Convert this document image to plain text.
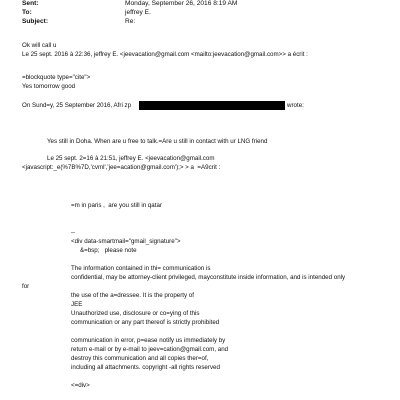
Sent:	Monday, September 26, 2016 8:19 AM
To:	jeffrey E.
Subject:	Re:
Ok will call u
Le 25 sept. 2016 à 22:36, jeffrey E. <jeevacation@gmail.com <mailto:jeevacation@gmail.com>> a écrit :
=blockquote type="cite">
Yes tomorrow good
On Sund=y, 25 September 2016, Afri zp	wrote:
Yes still in Doha. When are u free to talk.=Are u still in contact with ur LNG friend
Le 25 sept. 2=16 à 21:51, jeffrey E. <jeevacation@gmail.com
<javascript:_e(%7B%7D,'cvml','jee=acation@gmail.com');> > a  =A9crit :
=m in paris ,  are you still in qatar
--
<div data-smartmail="gmail_signature">
&=bsp;   please note
The information contained in thi= communication is
confidential, may be attorney-client privileged, mayconstitute inside information, and is intended only
for
the use of the a=dressee. It is the property of
JEE
Unauthorized use, disclosure or co=ying of this
communication or any part thereof is strictly prohibited
communication in error, p=ease notify us immediately by
return e-mail or by e-mail to jeev=cation@gmail.com, and
destroy this communication and all copies ther=of,
including all attachments. copyright -all rights reserved
<=div>
